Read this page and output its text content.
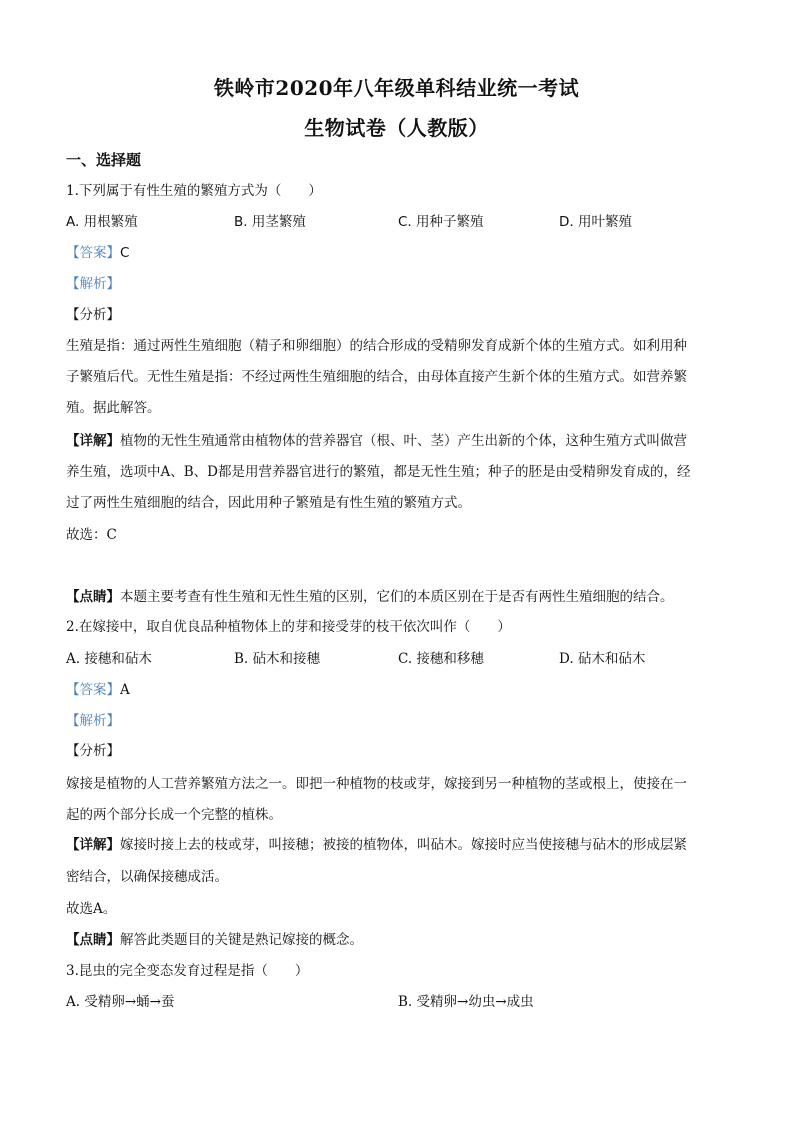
铁岭市2020年八年级单科结业统一考试
生物试卷（人教版）
一、选择题
1.下列属于有性生殖的繁殖方式为（　　）
A. 用根繁殖	B. 用茎繁殖	C. 用种子繁殖	D. 用叶繁殖
【答案】C
【解析】
【分析】
生殖是指：通过两性生殖细胞（精子和卵细胞）的结合形成的受精卵发育成新个体的生殖方式。如利用种
子繁殖后代。无性生殖是指：不经过两性生殖细胞的结合，由母体直接产生新个体的生殖方式。如营养繁
殖。据此解答。
【详解】植物的无性生殖通常由植物体的营养器官（根、叶、茎）产生出新的个体，这种生殖方式叫做营
养生殖，选项中A、B、D都是用营养器官进行的繁殖，都是无性生殖；种子的胚是由受精卵发育成的，经
过了两性生殖细胞的结合，因此用种子繁殖是有性生殖的繁殖方式。
故选：C
【点睛】本题主要考查有性生殖和无性生殖的区别，它们的本质区别在于是否有两性生殖细胞的结合。
2.在嫁接中，取自优良品种植物体上的芽和接受芽的枝干依次叫作（　　）
A. 接穗和砧木	B. 砧木和接穗	C. 接穗和移穗	D. 砧木和砧木
【答案】A
【解析】
【分析】
嫁接是植物的人工营养繁殖方法之一。即把一种植物的枝或芽，嫁接到另一种植物的茎或根上，使接在一
起的两个部分长成一个完整的植株。
【详解】嫁接时接上去的枝或芽，叫接穗；被接的植物体，叫砧木。嫁接时应当使接穗与砧木的形成层紧
密结合，以确保接穗成活。
故选A。
【点睛】解答此类题目的关键是熟记嫁接的概念。
3.昆虫的完全变态发育过程是指（　　）
A. 受精卵→蛹→蚕	B. 受精卵→幼虫→成虫
